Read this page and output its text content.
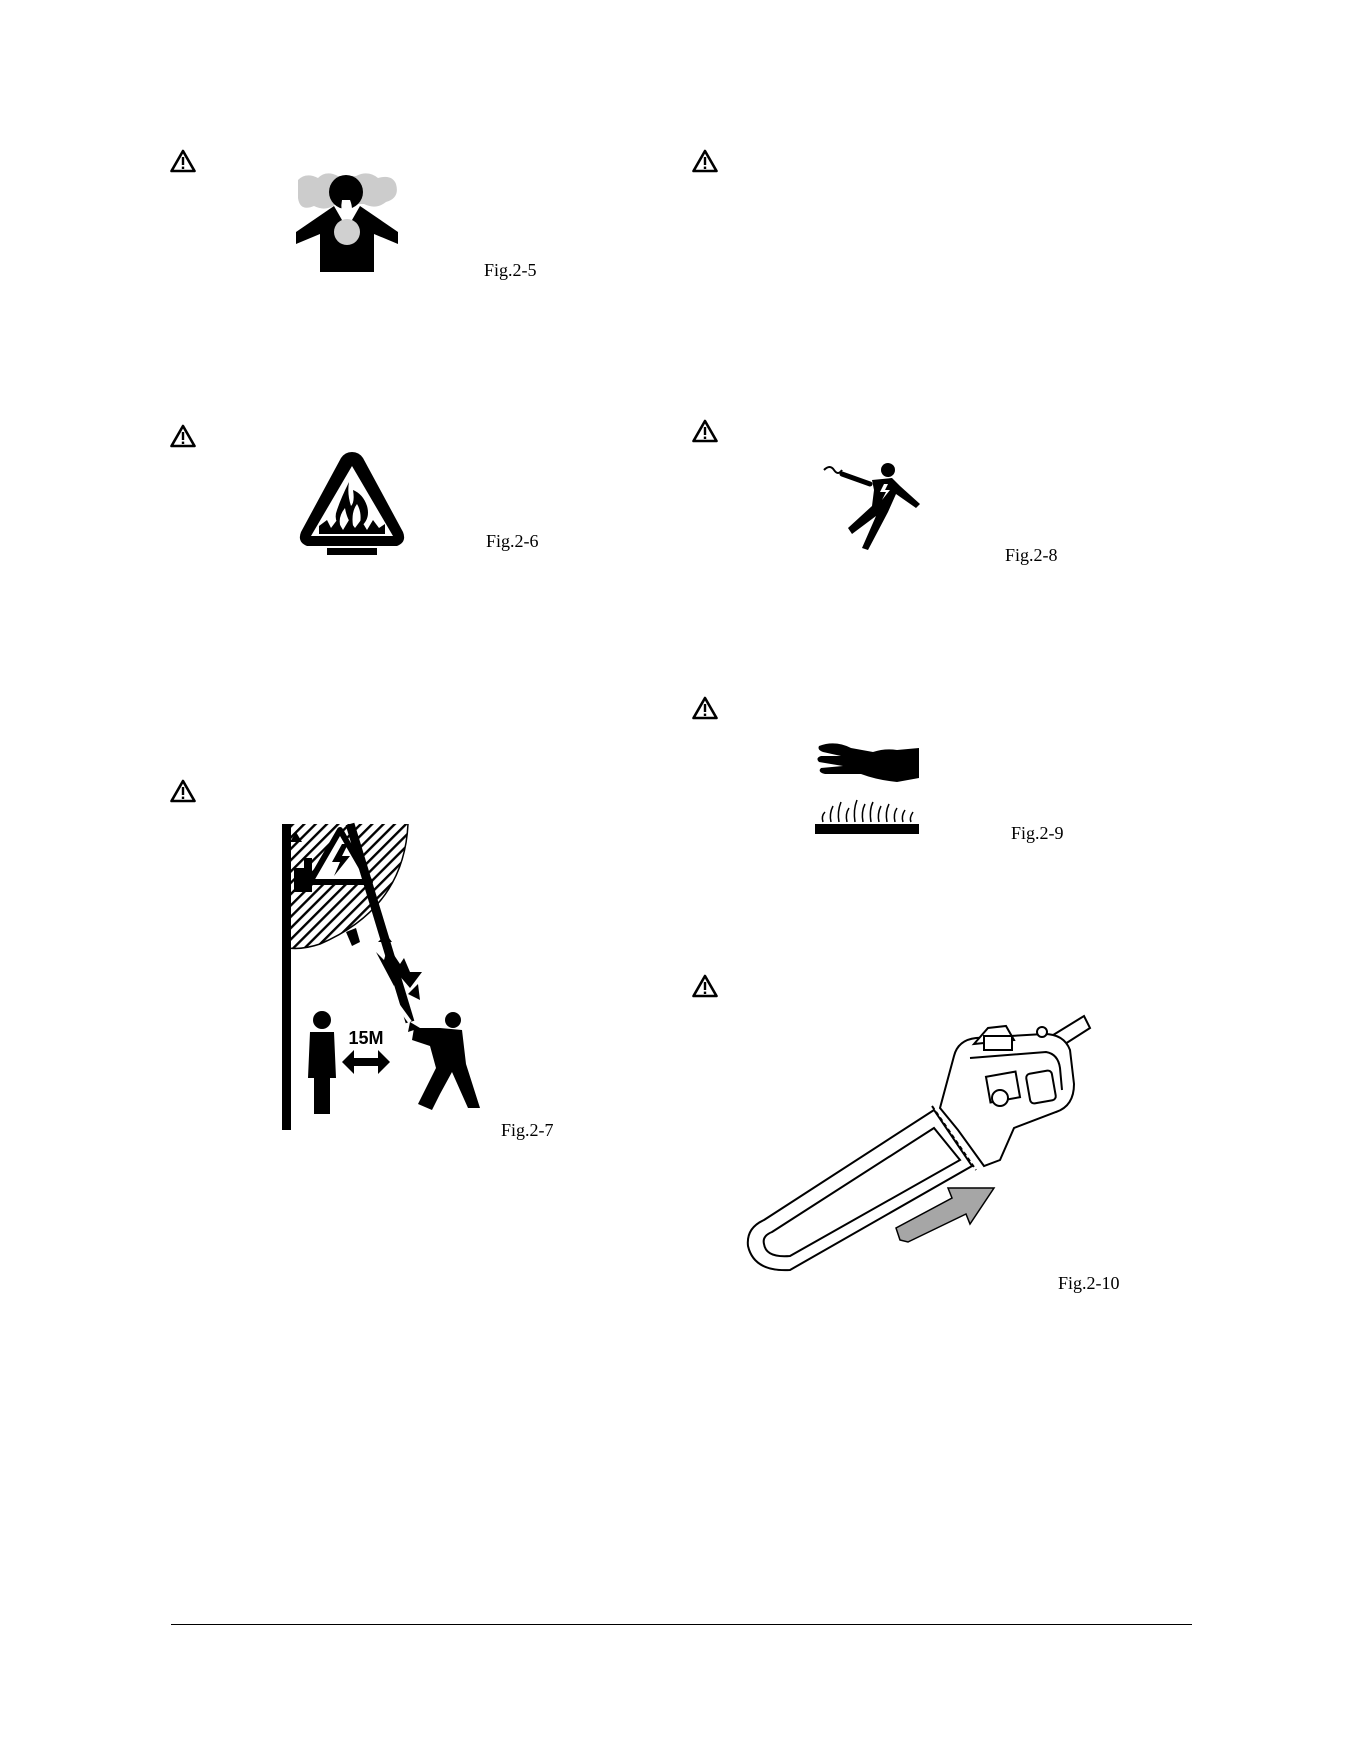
Fig.2-5
Fig.2-6
15M
Fig.2-7
Fig.2-8
Fig.2-9
Fig.2-10
